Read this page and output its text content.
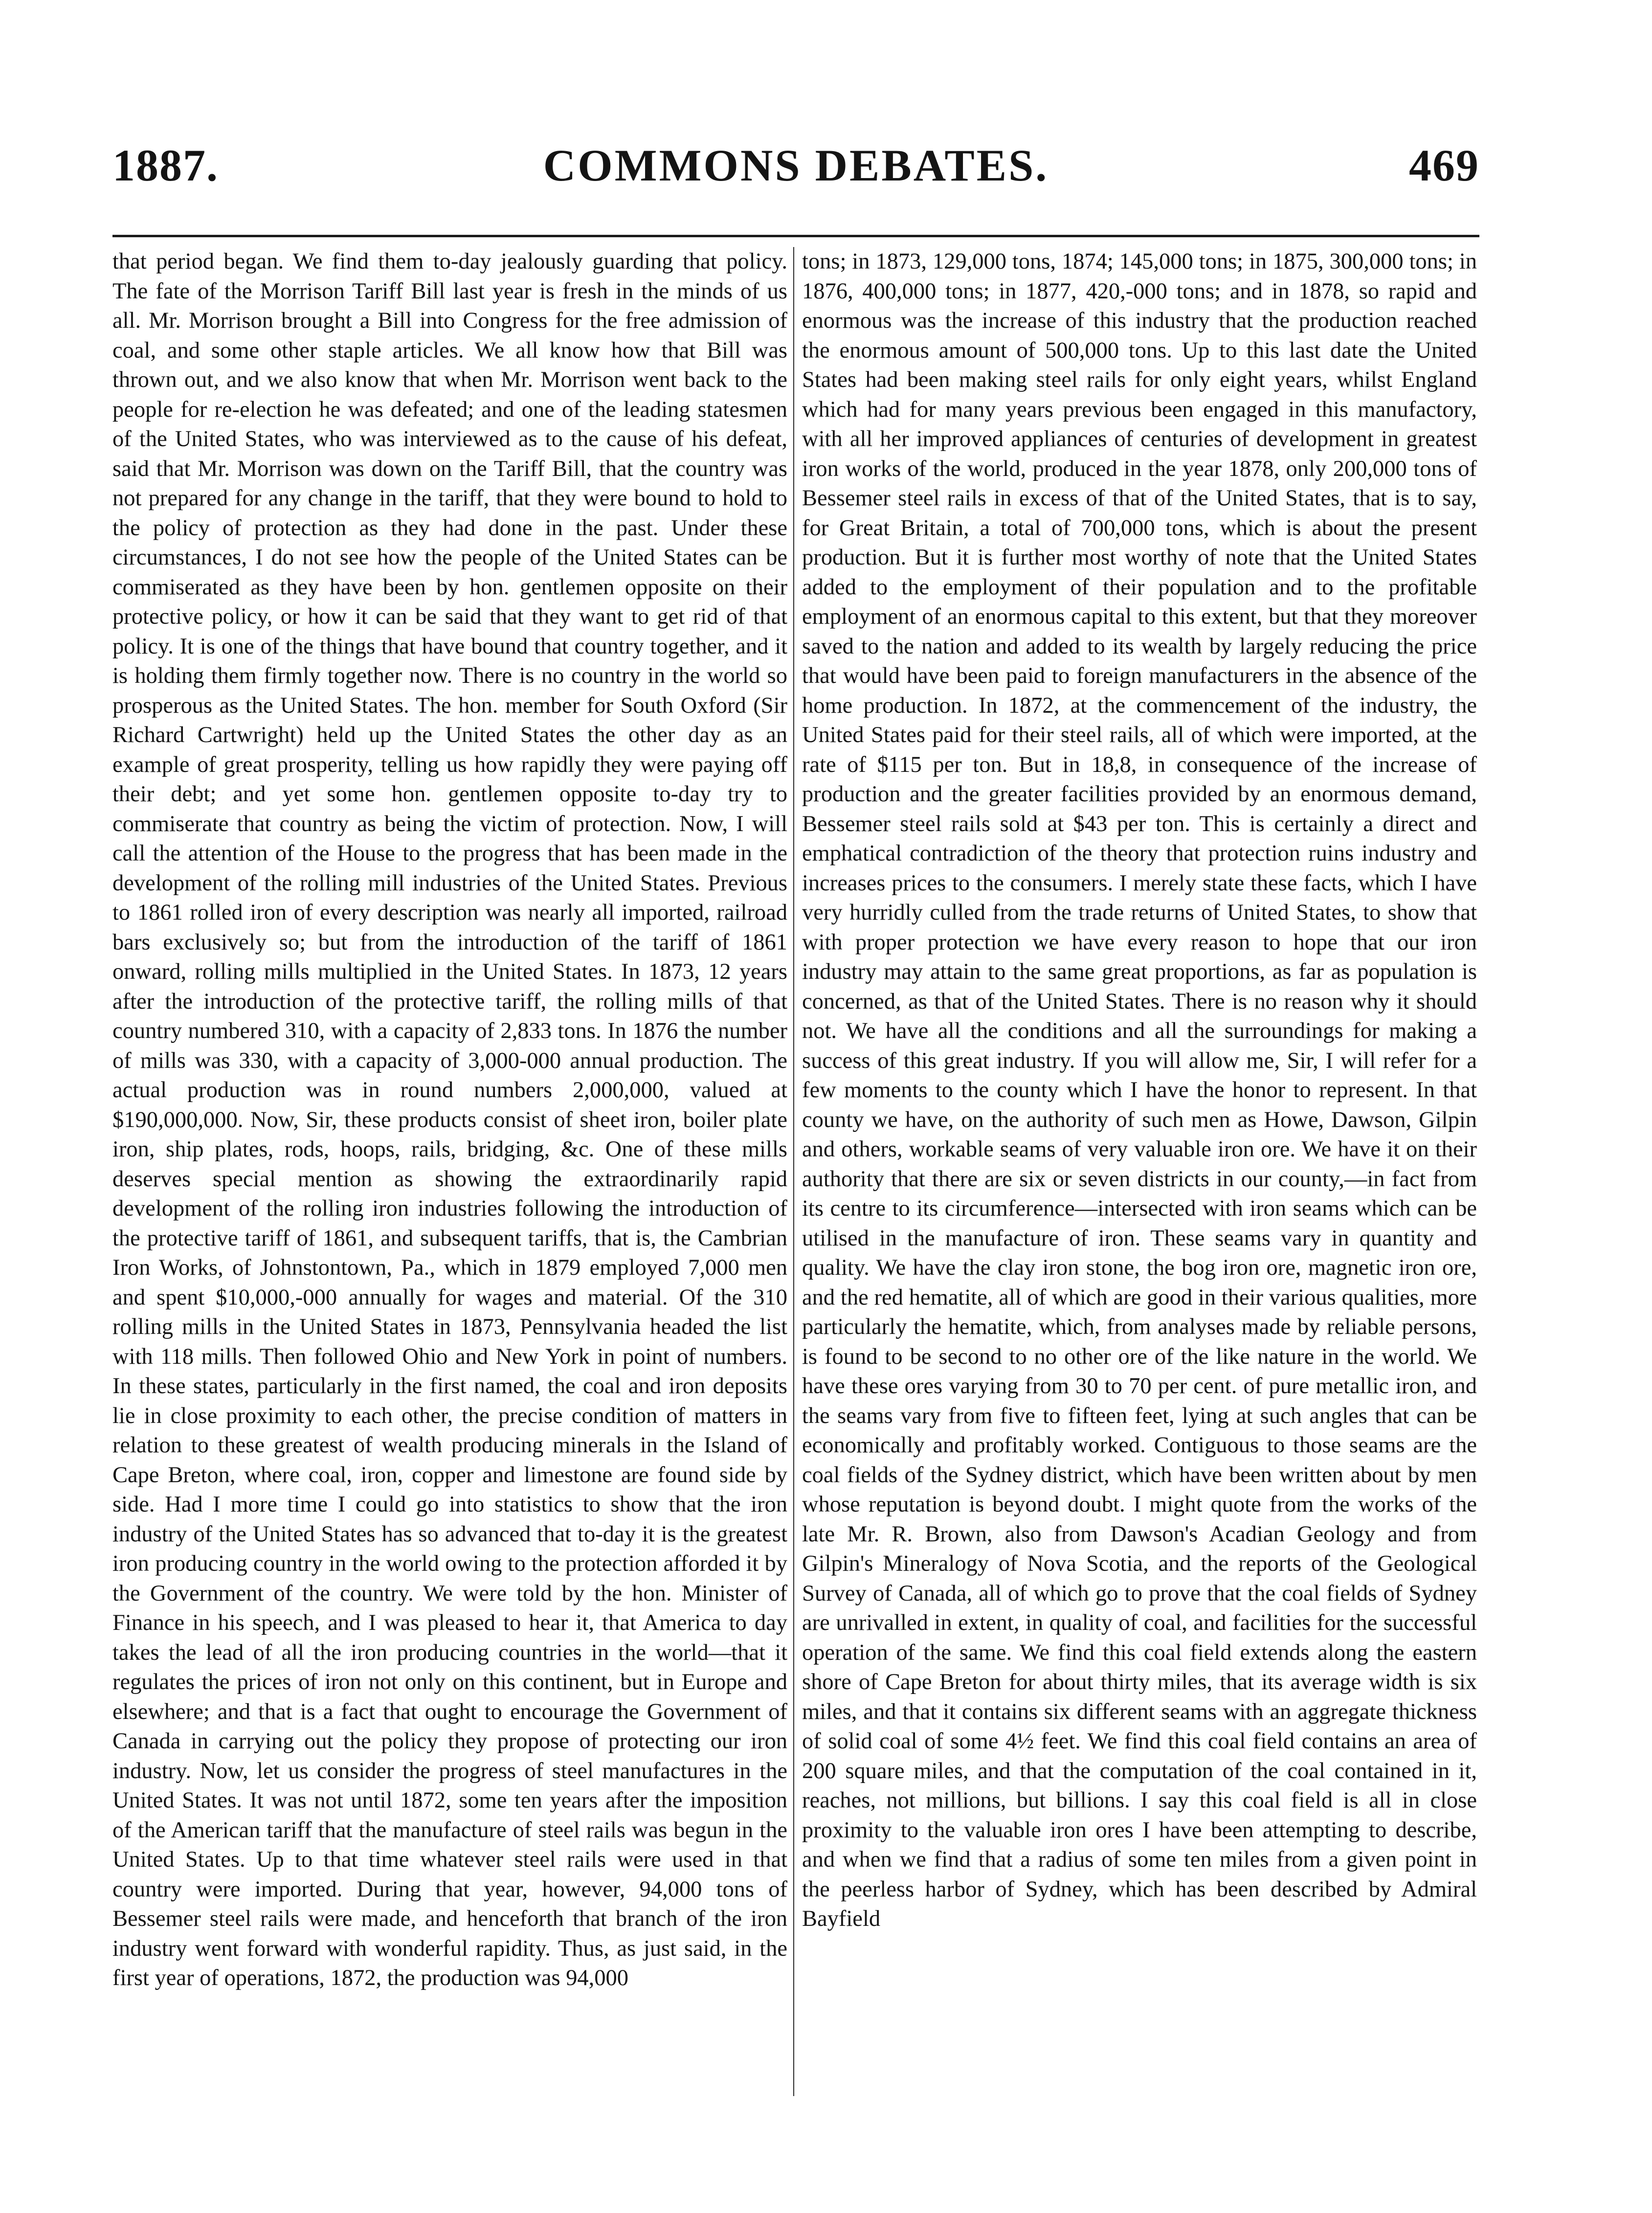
1887.	COMMONS DEBATES.	469

that period began. We find them to-day jealously guarding that policy. The fate of the Morrison Tariff Bill last year is fresh in the minds of us all. Mr. Morrison brought a Bill into Congress for the free admission of coal, and some other staple articles. We all know how that Bill was thrown out, and we also know that when Mr. Morrison went back to the people for re-election he was defeated; and one of the leading statesmen of the United States, who was interviewed as to the cause of his defeat, said that Mr. Morrison was down on the Tariff Bill, that the country was not prepared for any change in the tariff, that they were bound to hold to the policy of protection as they had done in the past. Under these circumstances, I do not see how the people of the United States can be commiserated as they have been by hon. gentlemen opposite on their protective policy, or how it can be said that they want to get rid of that policy. It is one of the things that have bound that country together, and it is holding them firmly together now. There is no country in the world so prosperous as the United States. The hon. member for South Oxford (Sir Richard Cartwright) held up the United States the other day as an example of great prosperity, telling us how rapidly they were paying off their debt; and yet some hon. gentlemen opposite to-day try to commiserate that country as being the victim of protection. Now, I will call the attention of the House to the progress that has been made in the development of the rolling mill industries of the United States. Previous to 1861 rolled iron of every description was nearly all imported, railroad bars exclusively so; but from the introduction of the tariff of 1861 onward, rolling mills multiplied in the United States. In 1873, 12 years after the introduction of the protective tariff, the rolling mills of that country numbered 310, with a capacity of 2,833 tons. In 1876 the number of mills was 330, with a capacity of 3,000-000 annual production. The actual production was in round numbers 2,000,000, valued at $190,000,000. Now, Sir, these products consist of sheet iron, boiler plate iron, ship plates, rods, hoops, rails, bridging, &c. One of these mills deserves special mention as showing the extraordinarily rapid development of the rolling iron industries following the introduction of the protective tariff of 1861, and subsequent tariffs, that is, the Cambrian Iron Works, of Johnstontown, Pa., which in 1879 employed 7,000 men and spent $10,000,-000 annually for wages and material. Of the 310 rolling mills in the United States in 1873, Pennsylvania headed the list with 118 mills. Then followed Ohio and New York in point of numbers. In these states, particularly in the first named, the coal and iron deposits lie in close proximity to each other, the precise condition of matters in relation to these greatest of wealth producing minerals in the Island of Cape Breton, where coal, iron, copper and limestone are found side by side. Had I more time I could go into statistics to show that the iron industry of the United States has so advanced that to-day it is the greatest iron producing country in the world owing to the protection afforded it by the Government of the country. We were told by the hon. Minister of Finance in his speech, and I was pleased to hear it, that America to day takes the lead of all the iron producing countries in the world—that it regulates the prices of iron not only on this continent, but in Europe and elsewhere; and that is a fact that ought to encourage the Government of Canada in carrying out the policy they propose of protecting our iron industry. Now, let us consider the progress of steel manufactures in the United States. It was not until 1872, some ten years after the imposition of the American tariff that the manufacture of steel rails was begun in the United States. Up to that time whatever steel rails were used in that country were imported. During that year, however, 94,000 tons of Bessemer steel rails were made, and henceforth that branch of the iron industry went forward with wonderful rapidity. Thus, as just said, in the first year of operations, 1872, the production was 94,000

tons; in 1873, 129,000 tons, 1874; 145,000 tons; in 1875, 300,000 tons; in 1876, 400,000 tons; in 1877, 420,-000 tons; and in 1878, so rapid and enormous was the increase of this industry that the production reached the enormous amount of 500,000 tons. Up to this last date the United States had been making steel rails for only eight years, whilst England which had for many years previous been engaged in this manufactory, with all her improved appliances of centuries of development in greatest iron works of the world, produced in the year 1878, only 200,000 tons of Bessemer steel rails in excess of that of the United States, that is to say, for Great Britain, a total of 700,000 tons, which is about the present production. But it is further most worthy of note that the United States added to the employment of their population and to the profitable employment of an enormous capital to this extent, but that they moreover saved to the nation and added to its wealth by largely reducing the price that would have been paid to foreign manufacturers in the absence of the home production. In 1872, at the commencement of the industry, the United States paid for their steel rails, all of which were imported, at the rate of $115 per ton. But in 18,8, in consequence of the increase of production and the greater facilities provided by an enormous demand, Bessemer steel rails sold at $43 per ton. This is certainly a direct and emphatical contradiction of the theory that protection ruins industry and increases prices to the consumers. I merely state these facts, which I have very hurridly culled from the trade returns of United States, to show that with proper protection we have every reason to hope that our iron industry may attain to the same great proportions, as far as population is concerned, as that of the United States. There is no reason why it should not. We have all the conditions and all the surroundings for making a success of this great industry. If you will allow me, Sir, I will refer for a few moments to the county which I have the honor to represent. In that county we have, on the authority of such men as Howe, Dawson, Gilpin and others, workable seams of very valuable iron ore. We have it on their authority that there are six or seven districts in our county,—in fact from its centre to its circumference—intersected with iron seams which can be utilised in the manufacture of iron. These seams vary in quantity and quality. We have the clay iron stone, the bog iron ore, magnetic iron ore, and the red hematite, all of which are good in their various qualities, more particularly the hematite, which, from analyses made by reliable persons, is found to be second to no other ore of the like nature in the world. We have these ores varying from 30 to 70 per cent. of pure metallic iron, and the seams vary from five to fifteen feet, lying at such angles that can be economically and profitably worked. Contiguous to those seams are the coal fields of the Sydney district, which have been written about by men whose reputation is beyond doubt. I might quote from the works of the late Mr. R. Brown, also from Dawson's Acadian Geology and from Gilpin's Mineralogy of Nova Scotia, and the reports of the Geological Survey of Canada, all of which go to prove that the coal fields of Sydney are unrivalled in extent, in quality of coal, and facilities for the successful operation of the same. We find this coal field extends along the eastern shore of Cape Breton for about thirty miles, that its average width is six miles, and that it contains six different seams with an aggregate thickness of solid coal of some 4½ feet. We find this coal field contains an area of 200 square miles, and that the computation of the coal contained in it, reaches, not millions, but billions. I say this coal field is all in close proximity to the valuable iron ores I have been attempting to describe, and when we find that a radius of some ten miles from a given point in the peerless harbor of Sydney, which has been described by Admiral Bayfield
